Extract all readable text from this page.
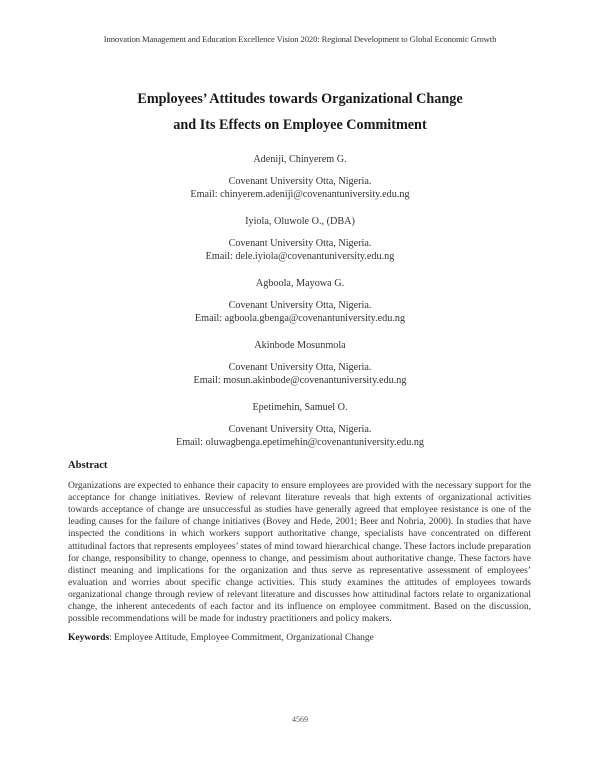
Innovation Management and Education Excellence Vision 2020: Regional Development to Global Economic Growth
Employees’ Attitudes towards Organizational Change
and Its Effects on Employee Commitment
Adeniji, Chinyerem G.
Covenant University Otta, Nigeria.
Email: chinyerem.adeniji@covenantuniversity.edu.ng
Iyiola, Oluwole O., (DBA)
Covenant University Otta, Nigeria.
Email: dele.iyiola@covenantuniversity.edu.ng
Agboola, Mayowa G.
Covenant University Otta, Nigeria.
Email: agboola.gbenga@covenantuniversity.edu.ng
Akinbode Mosunmola
Covenant University Otta, Nigeria.
Email: mosun.akinbode@covenantuniversity.edu.ng
Epetimehin, Samuel O.
Covenant University Otta, Nigeria.
Email: oluwagbenga.epetimehin@covenantuniversity.edu.ng
Abstract
Organizations are expected to enhance their capacity to ensure employees are provided with the necessary support for the acceptance for change initiatives. Review of relevant literature reveals that high extents of organizational activities towards acceptance of change are unsuccessful as studies have generally agreed that employee resistance is one of the leading causes for the failure of change initiatives (Bovey and Hede, 2001; Beer and Nohria, 2000). In studies that have inspected the conditions in which workers support authoritative change, specialists have concentrated on different attitudinal factors that represents employees’ states of mind toward hierarchical change. These factors include preparation for change, responsibility to change, openness to change, and pessimism about authoritative change. These factors have distinct meaning and implications for the organization and thus serve as representative assessment of employees’ evaluation and worries about specific change activities. This study examines the attitudes of employees towards organizational change through review of relevant literature and discusses how attitudinal factors relate to organizational change, the inherent antecedents of each factor and its influence on employee commitment. Based on the discussion, possible recommendations will be made for industry practitioners and policy makers.
Keywords: Employee Attitude, Employee Commitment, Organizational Change
4569
